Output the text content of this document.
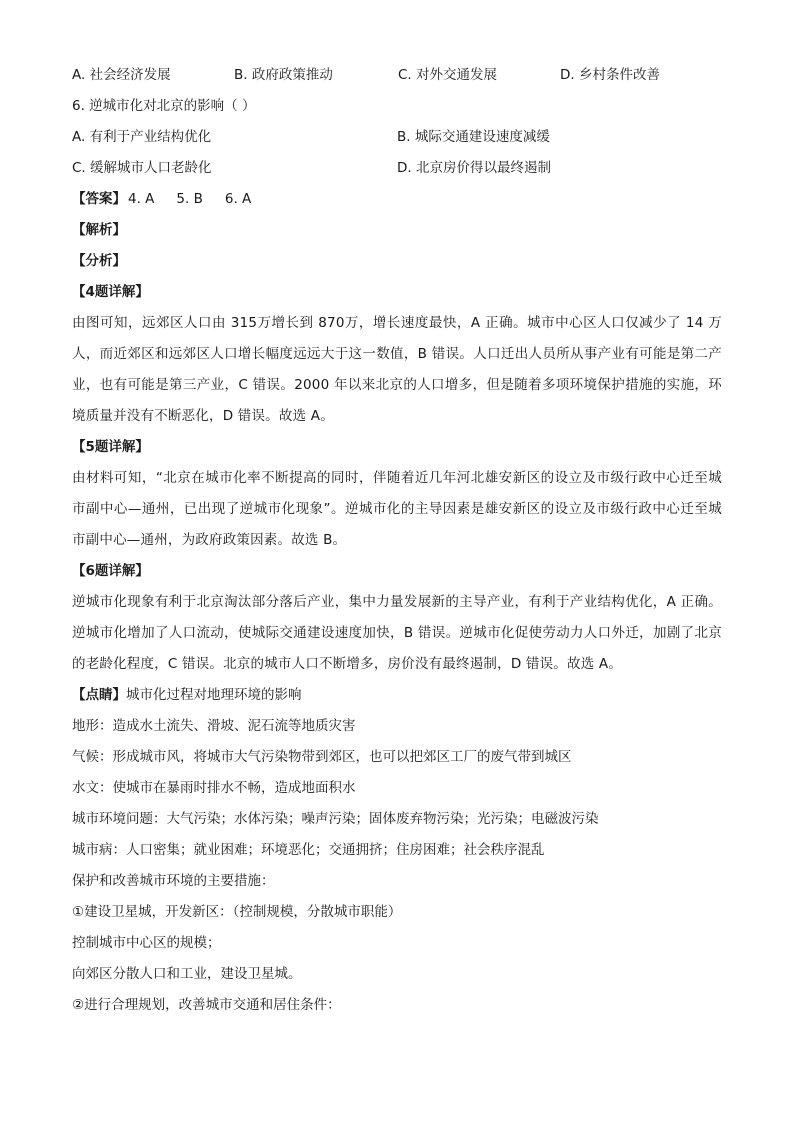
A. 社会经济发展	B. 政府政策推动	C. 对外交通发展	D. 乡村条件改善
6. 逆城市化对北京的影响（ ）
A. 有利于产业结构优化	B. 城际交通建设速度减缓
C. 缓解城市人口老龄化	D. 北京房价得以最终遏制
【答案】 4. A 5. B 6. A
【解析】
【分析】
【4题详解】
由图可知，远郊区人口由 315万增长到 870万，增长速度最快，A 正确。城市中心区人口仅减少了 14 万人，而近郊区和远郊区人口增长幅度远远大于这一数值，B 错误。人口迁出人员所从事产业有可能是第二产业，也有可能是第三产业，C 错误。2000 年以来北京的人口增多，但是随着多项环境保护措施的实施，环境质量并没有不断恶化，D 错误。故选 A。
【5题详解】
由材料可知，“北京在城市化率不断提高的同时，伴随着近几年河北雄安新区的设立及市级行政中心迁至城市副中心—通州，已出现了逆城市化现象”。逆城市化的主导因素是雄安新区的设立及市级行政中心迁至城市副中心—通州，为政府政策因素。故选 B。
【6题详解】
逆城市化现象有利于北京淘汰部分落后产业，集中力量发展新的主导产业，有利于产业结构优化，A 正确。逆城市化增加了人口流动，使城际交通建设速度加快，B 错误。逆城市化促使劳动力人口外迁，加剧了北京的老龄化程度，C 错误。北京的城市人口不断增多，房价没有最终遏制，D 错误。故选 A。
【点睛】城市化过程对地理环境的影响
地形：造成水土流失、滑坡、泥石流等地质灾害
气候：形成城市风，将城市大气污染物带到郊区，也可以把郊区工厂的废气带到城区
水文：使城市在暴雨时排水不畅，造成地面积水
城市环境问题：大气污染；水体污染；噪声污染；固体废弃物污染；光污染；电磁波污染
城市病：人口密集；就业困难；环境恶化；交通拥挤；住房困难；社会秩序混乱
保护和改善城市环境的主要措施：
①建设卫星城，开发新区：（控制规模，分散城市职能）
控制城市中心区的规模；
向郊区分散人口和工业，建设卫星城。
②进行合理规划，改善城市交通和居住条件：
